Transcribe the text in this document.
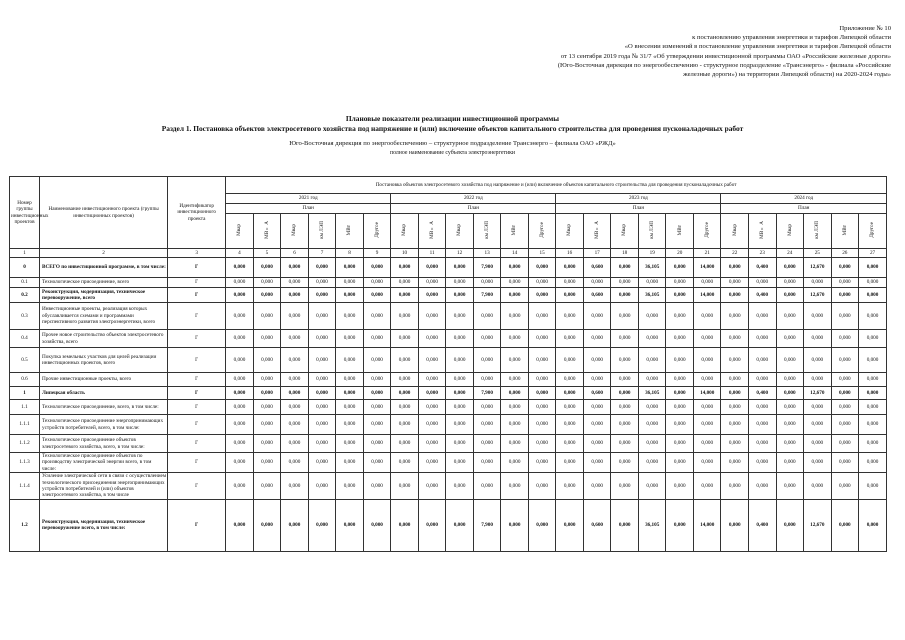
Приложение № 10
к постановлению управления энергетики и тарифов Липецкой области
«О внесении изменений в постановление управления энергетики и тарифов Липецкой области
от 13 сентября 2019 года № 31/7 «Об утверждении инвестиционной программы ОАО «Российские железные дороги»
(Юго-Восточная дирекция по энергообеспечению - структурное подразделение «Трансэнерго» - филиала «Российские
железные дороги») на территории Липецкой области) на 2020-2024 годы»
Плановые показатели реализации инвестиционной программы
Раздел 1. Постановка объектов электросетевого хозяйства под напряжение и (или) включение объектов капитального строительства для проведения пусконаладочных работ
Юго-Восточная дирекция по энергообеспечению – структурное подразделение Трансэнерго – филиала ОАО «РЖД»
полное наименование субъекта электроэнергетики
Номер группы инвестиционных проектов	Наименование инвестиционного проекта (группы инвестиционных проектов)	Идентификатор инвестиционного проекта	Постановка объектов электросетевого хозяйства под напряжение и (или) включение объектов капитального строительства для проведения пусконаладочных работ																							
			2021 год						2022 год						2023 год						2024 год					
			План						План						План						План					
			Мвар	МВ×А	Мвар	км ЛЭП	МВт	Другое	Мвар	МВ×А	Мвар	км ЛЭП	МВт	Другое	Мвар	МВ×А	Мвар	км ЛЭП	МВт	Другое	Мвар	МВ×А	Мвар	км ЛЭП	МВт	Другое
1	2	3	4	5	6	7	8	9	10	11	12	13	14	15	16	17	18	19	20	21	22	23	24	25	26	27
0	ВСЕГО по инвестиционной программе, в том числе:	Г	0,000	0,000	0,000	0,000	0,000	0,000	0,000	0,000	0,000	7,900	0,000	0,000	0,000	0,600	0,000	36,105	0,000	14,000	0,000	0,400	0,000	12,670	0,000	0,000
0.1	Технологическое присоединение, всего	Г	0,000	0,000	0,000	0,000	0,000	0,000	0,000	0,000	0,000	0,000	0,000	0,000	0,000	0,000	0,000	0,000	0,000	0,000	0,000	0,000	0,000	0,000	0,000	0,000
0.2	Реконструкция, модернизация, техническое перевооружение, всего	Г	0,000	0,000	0,000	0,000	0,000	0,000	0,000	0,000	0,000	7,900	0,000	0,000	0,000	0,600	0,000	36,105	0,000	14,000	0,000	0,400	0,000	12,670	0,000	0,000
0.3	Инвестиционные проекты, реализация которых обуславливается схемами и программами перспективного развития электроэнергетики, всего	Г	0,000	0,000	0,000	0,000	0,000	0,000	0,000	0,000	0,000	0,000	0,000	0,000	0,000	0,000	0,000	0,000	0,000	0,000	0,000	0,000	0,000	0,000	0,000	0,000
0.4	Прочее новое строительство объектов электросетевого хозяйства, всего	Г	0,000	0,000	0,000	0,000	0,000	0,000	0,000	0,000	0,000	0,000	0,000	0,000	0,000	0,000	0,000	0,000	0,000	0,000	0,000	0,000	0,000	0,000	0,000	0,000
0.5	Покупка земельных участков для целей реализации инвестиционных проектов, всего	Г	0,000	0,000	0,000	0,000	0,000	0,000	0,000	0,000	0,000	0,000	0,000	0,000	0,000	0,000	0,000	0,000	0,000	0,000	0,000	0,000	0,000	0,000	0,000	0,000
0.6	Прочие инвестиционные проекты, всего	Г	0,000	0,000	0,000	0,000	0,000	0,000	0,000	0,000	0,000	0,000	0,000	0,000	0,000	0,000	0,000	0,000	0,000	0,000	0,000	0,000	0,000	0,000	0,000	0,000
1	Липецкая область	Г	0,000	0,000	0,000	0,000	0,000	0,000	0,000	0,000	0,000	7,900	0,000	0,000	0,000	0,600	0,000	36,105	0,000	14,000	0,000	0,400	0,000	12,670	0,000	0,000
1.1	Технологическое присоединение, всего, в том числе:	Г	0,000	0,000	0,000	0,000	0,000	0,000	0,000	0,000	0,000	0,000	0,000	0,000	0,000	0,000	0,000	0,000	0,000	0,000	0,000	0,000	0,000	0,000	0,000	0,000
1.1.1	Технологическое присоединение энергопринимающих устройств потребителей, всего, в том числе:	Г	0,000	0,000	0,000	0,000	0,000	0,000	0,000	0,000	0,000	0,000	0,000	0,000	0,000	0,000	0,000	0,000	0,000	0,000	0,000	0,000	0,000	0,000	0,000	0,000
1.1.2	Технологическое присоединение объектов электросетевого хозяйства, всего, в том числе:	Г	0,000	0,000	0,000	0,000	0,000	0,000	0,000	0,000	0,000	0,000	0,000	0,000	0,000	0,000	0,000	0,000	0,000	0,000	0,000	0,000	0,000	0,000	0,000	0,000
1.1.3	Технологическое присоединение объектов по производству электрической энергии всего, в том числе:	Г	0,000	0,000	0,000	0,000	0,000	0,000	0,000	0,000	0,000	0,000	0,000	0,000	0,000	0,000	0,000	0,000	0,000	0,000	0,000	0,000	0,000	0,000	0,000	0,000
1.1.4	Усиление электрической сети в связи с осуществлением технологического присоединения энергопринимающих устройств потребителей и (или) объектов электросетевого хозяйства, в том числе	Г	0,000	0,000	0,000	0,000	0,000	0,000	0,000	0,000	0,000	0,000	0,000	0,000	0,000	0,000	0,000	0,000	0,000	0,000	0,000	0,000	0,000	0,000	0,000	0,000
1.2	Реконструкция, модернизация, техническое перевооружение всего, в том числе:	Г	0,000	0,000	0,000	0,000	0,000	0,000	0,000	0,000	0,000	7,900	0,000	0,000	0,000	0,600	0,000	36,105	0,000	14,000	0,000	0,400	0,000	12,670	0,000	0,000
